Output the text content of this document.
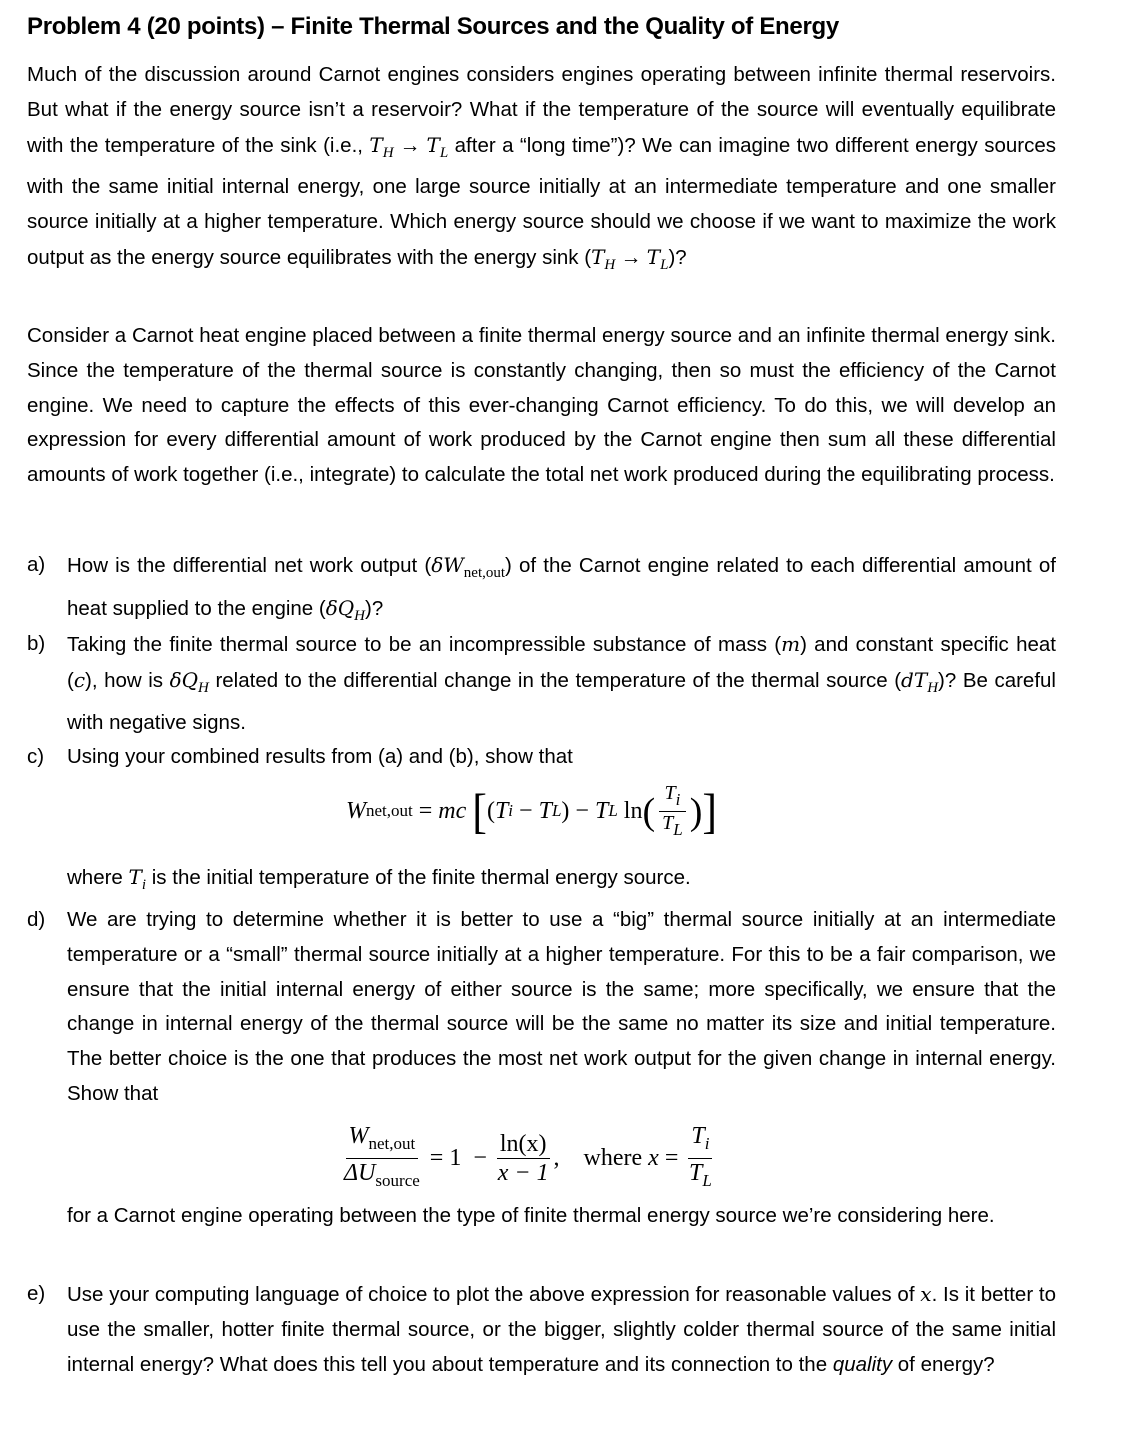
Problem 4 (20 points) – Finite Thermal Sources and the Quality of Energy
Much of the discussion around Carnot engines considers engines operating between infinite thermal reservoirs. But what if the energy source isn’t a reservoir? What if the temperature of the source will eventually equilibrate with the temperature of the sink (i.e., $T_H \to T_L$ after a “long time”)? We can imagine two different energy sources with the same initial internal energy, one large source initially at an intermediate temperature and one smaller source initially at a higher temperature. Which energy source should we choose if we want to maximize the work output as the energy source equilibrates with the energy sink $(T_H \to T_L)$?
Consider a Carnot heat engine placed between a finite thermal energy source and an infinite thermal energy sink. Since the temperature of the thermal source is constantly changing, then so must the efficiency of the Carnot engine. We need to capture the effects of this ever-changing Carnot efficiency. To do this, we will develop an expression for every differential amount of work produced by the Carnot engine then sum all these differential amounts of work together (i.e., integrate) to calculate the total net work produced during the equilibrating process.
a) How is the differential net work output $(\delta W_{net,out})$ of the Carnot engine related to each differential amount of heat supplied to the engine $(\delta Q_H)$?
b) Taking the finite thermal source to be an incompressible substance of mass (m) and constant specific heat (c), how is $\delta Q_H$ related to the differential change in the temperature of the thermal source $(dT_H)$? Be careful with negative signs.
c) Using your combined results from (a) and (b), show that
where $T_i$ is the initial temperature of the finite thermal energy source.
d) We are trying to determine whether it is better to use a “big” thermal source initially at an intermediate temperature or a “small” thermal source initially at a higher temperature. For this to be a fair comparison, we ensure that the initial internal energy of either source is the same; more specifically, we ensure that the change in internal energy of the thermal source will be the same no matter its size and initial temperature. The better choice is the one that produces the most net work output for the given change in internal energy. Show that
for a Carnot engine operating between the type of finite thermal energy source we’re considering here.
e) Use your computing language of choice to plot the above expression for reasonable values of x. Is it better to use the smaller, hotter finite thermal source, or the bigger, slightly colder thermal source of the same initial internal energy? What does this tell you about temperature and its connection to the quality of energy?
W net,out = mc [ ( T i − T L ) − T L ln ( $\frac{T_i}{T_L}$ ) ]
$\frac{W_{net,out}}{\Delta U_{source}} = 1 - \frac{\ln(x)}{x - 1}$ , where $x = \frac{T_i}{T_L}$
